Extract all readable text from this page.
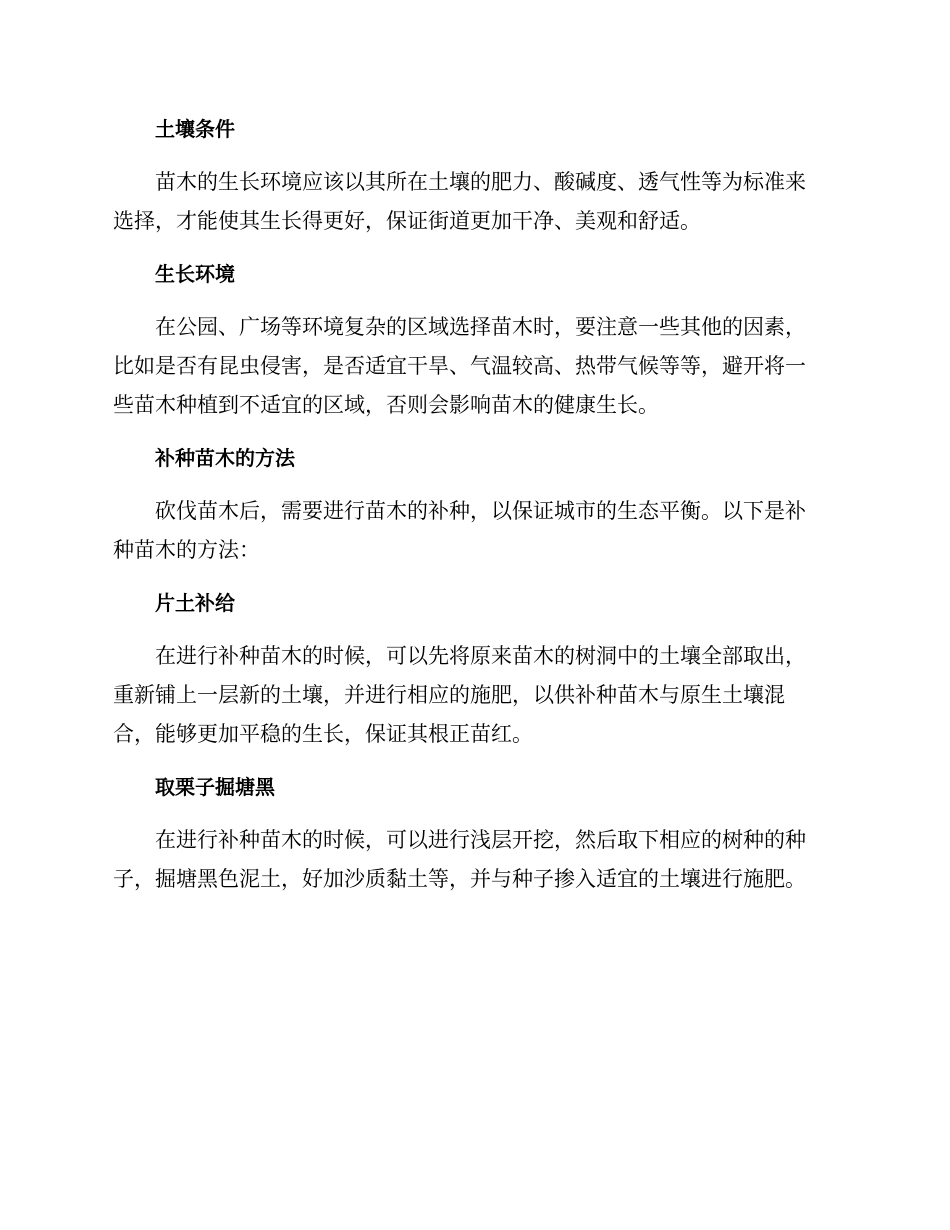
土壤条件
苗木的生长环境应该以其所在土壤的肥力、酸碱度、透气性等为标准来
选择，才能使其生长得更好，保证街道更加干净、美观和舒适。
生长环境
在公园、广场等环境复杂的区域选择苗木时，要注意一些其他的因素，
比如是否有昆虫侵害，是否适宜干旱、气温较高、热带气候等等，避开将一
些苗木种植到不适宜的区域，否则会影响苗木的健康生长。
补种苗木的方法
砍伐苗木后，需要进行苗木的补种，以保证城市的生态平衡。以下是补
种苗木的方法：
片土补给
在进行补种苗木的时候，可以先将原来苗木的树洞中的土壤全部取出，
重新铺上一层新的土壤，并进行相应的施肥，以供补种苗木与原生土壤混
合，能够更加平稳的生长，保证其根正苗红。
取栗子掘塘黑
在进行补种苗木的时候，可以进行浅层开挖，然后取下相应的树种的种
子，掘塘黑色泥土，好加沙质黏土等，并与种子掺入适宜的土壤进行施肥。
